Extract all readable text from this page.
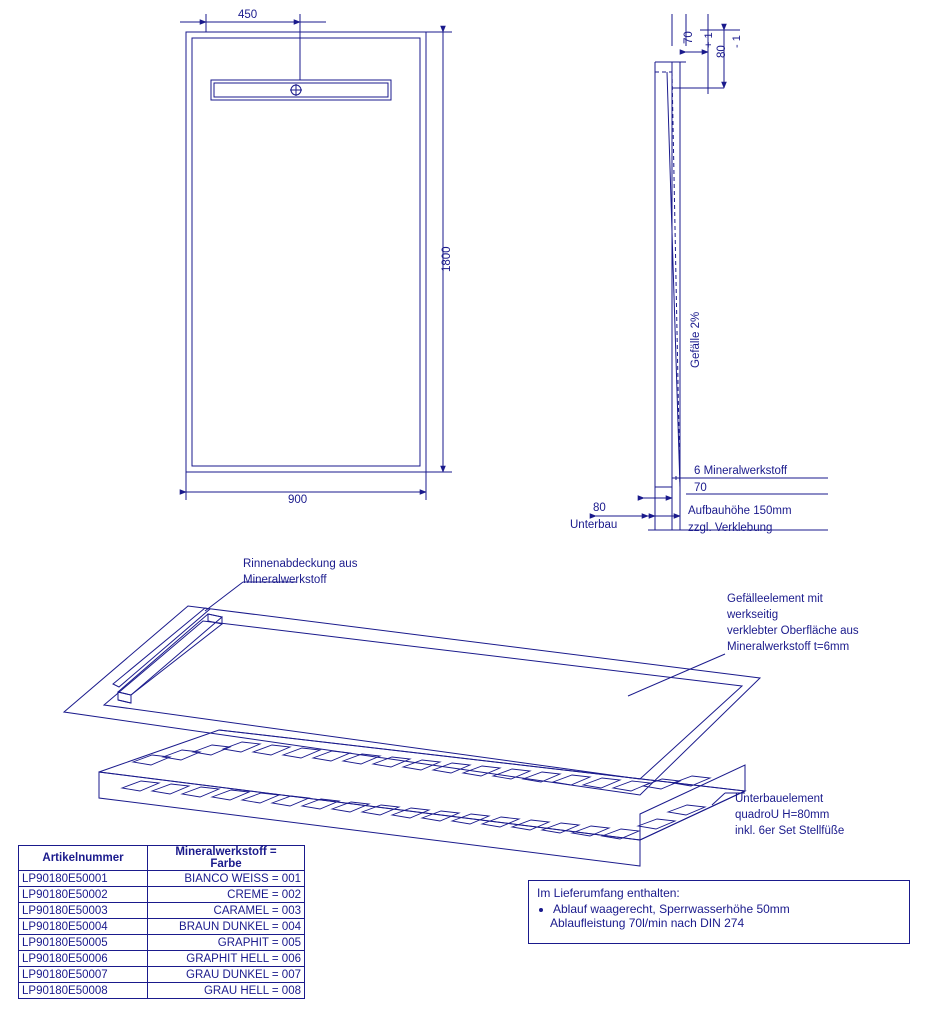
450
1800
900
70 + 1
80
- 1
Gefälle 2%
6 Mineralwerkstoff
70
80
Unterbau
Aufbauhöhe 150mm
zzgl. Verklebung
Rinnenabdeckung aus
Mineralwerkstoff
Gefälleelement mit
werkseitig
verklebter Oberfläche aus
Mineralwerkstoff t=6mm
Unterbauelement
quadroU H=80mm
inkl. 6er Set Stellfüße
Artikelnummer	Mineralwerkstoff =
Farbe
LP90180E50001	BIANCO WEISS = 001
LP90180E50002	CREME = 002
LP90180E50003	CARAMEL = 003
LP90180E50004	BRAUN DUNKEL = 004
LP90180E50005	GRAPHIT = 005
LP90180E50006	GRAPHIT HELL = 006
LP90180E50007	GRAU DUNKEL = 007
LP90180E50008	GRAU HELL = 008
Im Lieferumfang enthalten:
• Ablauf waagerecht, Sperrwasserhöhe 50mm
Ablaufleistung 70l/min nach DIN 274
